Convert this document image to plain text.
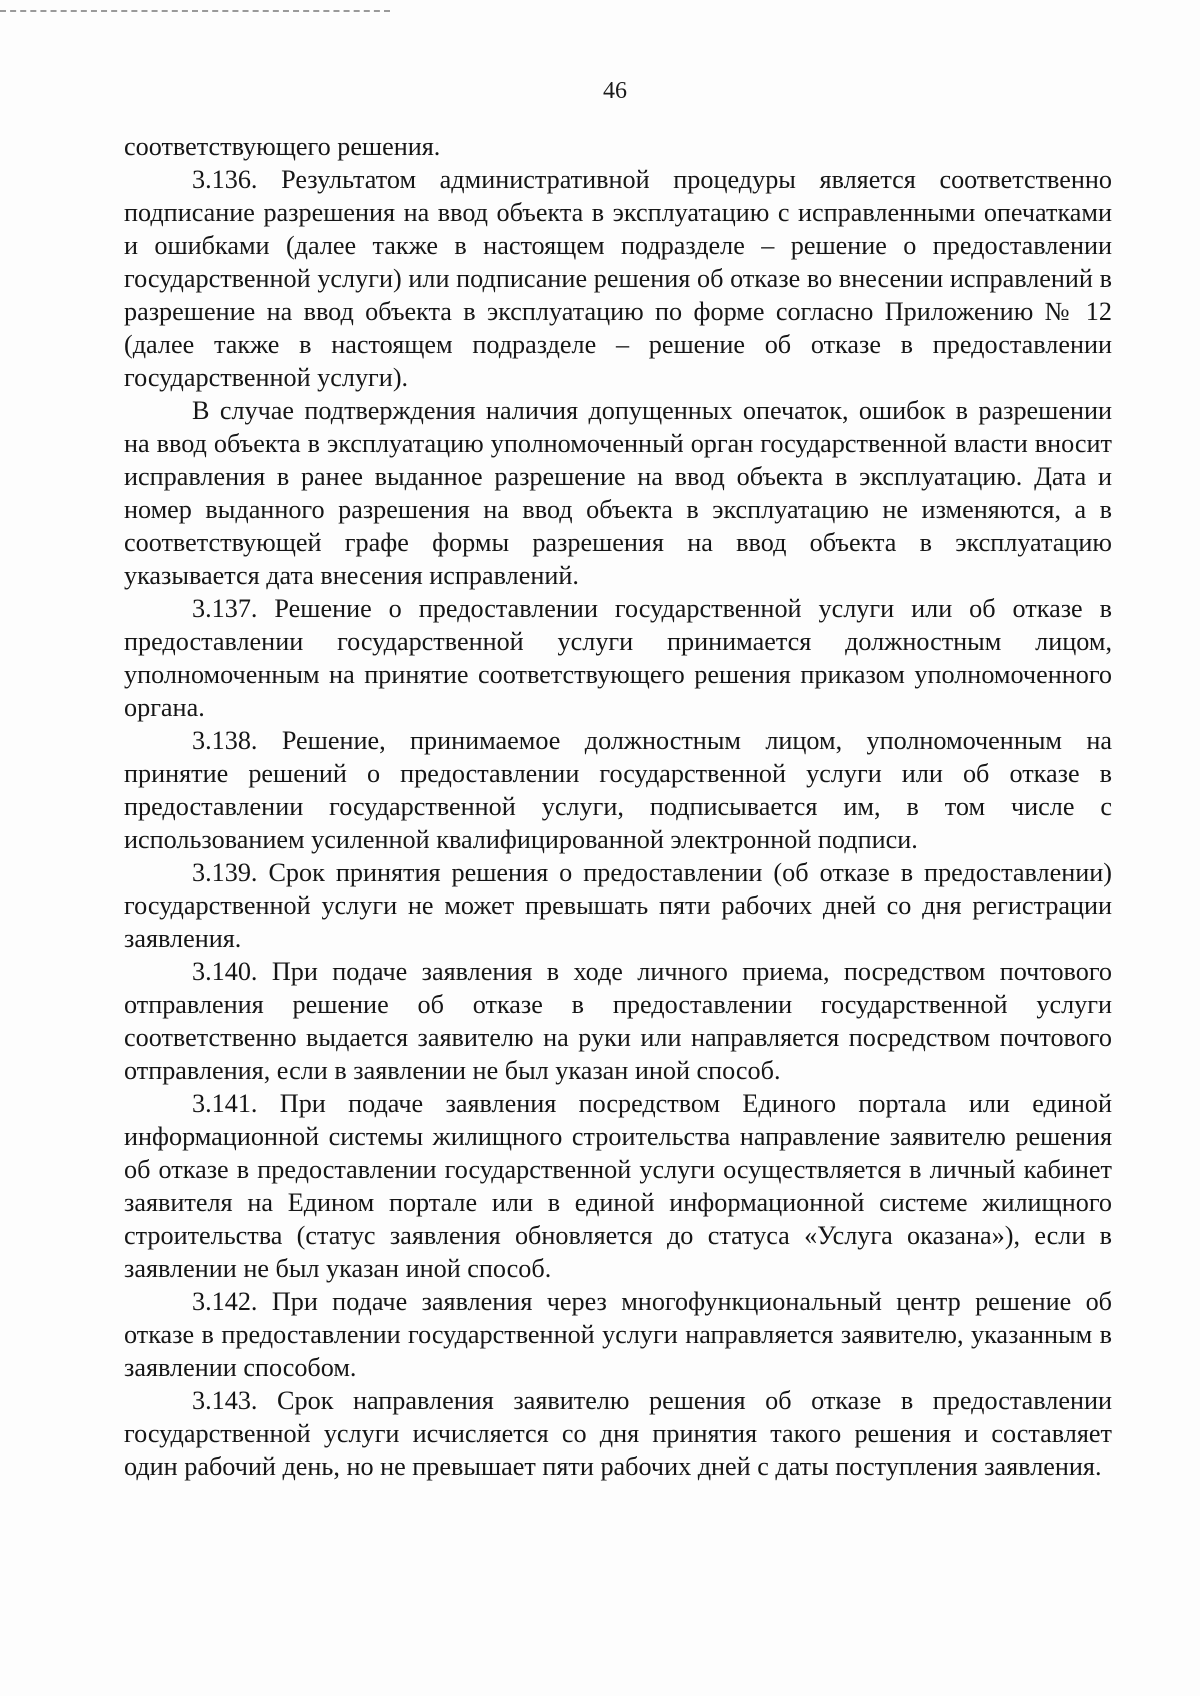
46

соответствующего решения.

3.136. Результатом административной процедуры является соответственно подписание разрешения на ввод объекта в эксплуатацию с исправленными опечатками и ошибками (далее также в настоящем подразделе – решение о предоставлении государственной услуги) или подписание решения об отказе во внесении исправлений в разрешение на ввод объекта в эксплуатацию по форме согласно Приложению № 12 (далее также в настоящем подразделе – решение об отказе в предоставлении государственной услуги).

В случае подтверждения наличия допущенных опечаток, ошибок в разрешении на ввод объекта в эксплуатацию уполномоченный орган государственной власти вносит исправления в ранее выданное разрешение на ввод объекта в эксплуатацию. Дата и номер выданного разрешения на ввод объекта в эксплуатацию не изменяются, а в соответствующей графе формы разрешения на ввод объекта в эксплуатацию указывается дата внесения исправлений.

3.137. Решение о предоставлении государственной услуги или об отказе в предоставлении государственной услуги принимается должностным лицом, уполномоченным на принятие соответствующего решения приказом уполномоченного органа.

3.138. Решение, принимаемое должностным лицом, уполномоченным на принятие решений о предоставлении государственной услуги или об отказе в предоставлении государственной услуги, подписывается им, в том числе с использованием усиленной квалифицированной электронной подписи.

3.139. Срок принятия решения о предоставлении (об отказе в предоставлении) государственной услуги не может превышать пяти рабочих дней со дня регистрации заявления.

3.140. При подаче заявления в ходе личного приема, посредством почтового отправления решение об отказе в предоставлении государственной услуги соответственно выдается заявителю на руки или направляется посредством почтового отправления, если в заявлении не был указан иной способ.

3.141. При подаче заявления посредством Единого портала или единой информационной системы жилищного строительства направление заявителю решения об отказе в предоставлении государственной услуги осуществляется в личный кабинет заявителя на Едином портале или в единой информационной системе жилищного строительства (статус заявления обновляется до статуса «Услуга оказана»), если в заявлении не был указан иной способ.

3.142. При подаче заявления через многофункциональный центр решение об отказе в предоставлении государственной услуги направляется заявителю, указанным в заявлении способом.

3.143. Срок направления заявителю решения об отказе в предоставлении государственной услуги исчисляется со дня принятия такого решения и составляет один рабочий день, но не превышает пяти рабочих дней с даты поступления заявления.
